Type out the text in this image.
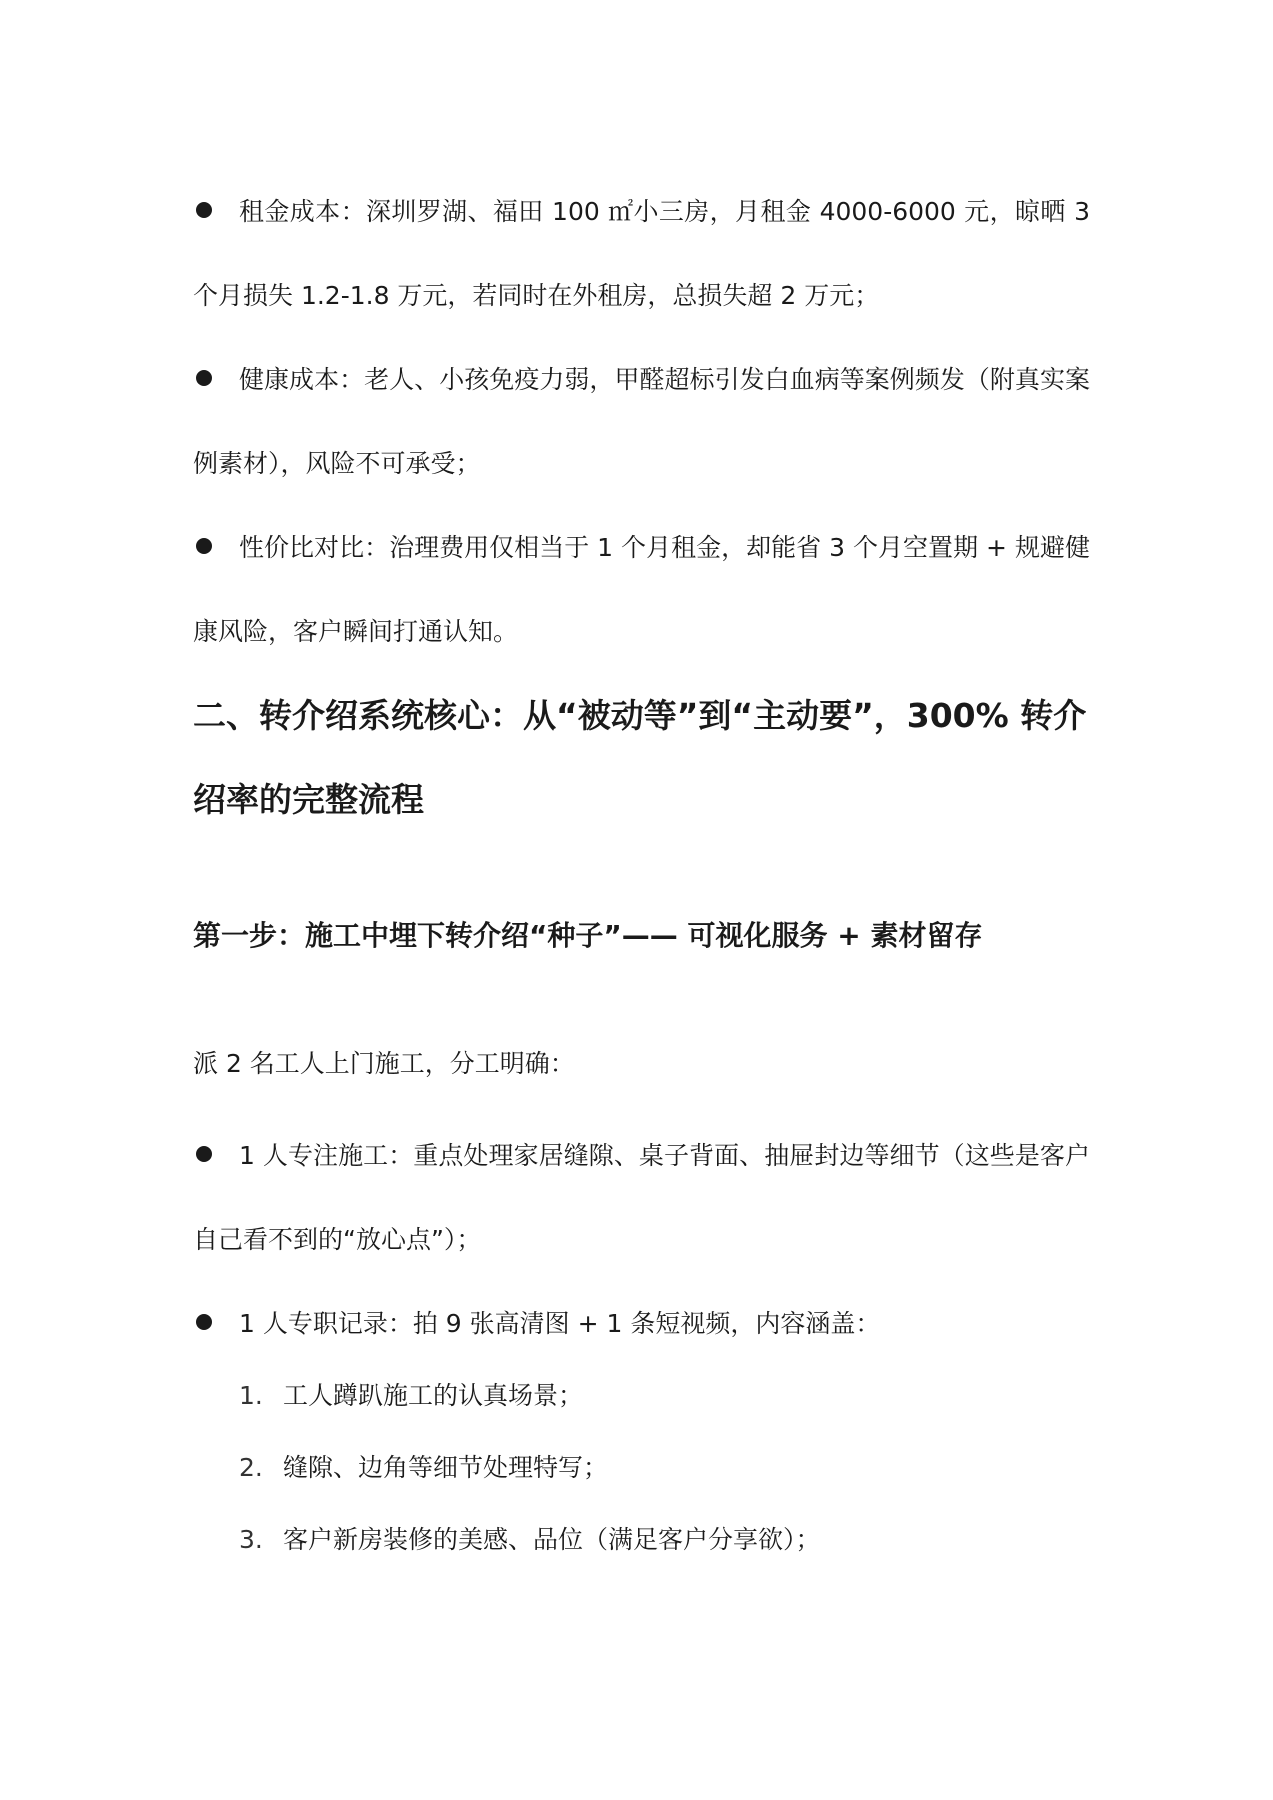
租金成本：深圳罗湖、福田 100 ㎡小三房，月租金 4000-6000 元，晾晒 3 个月损失 1.2-1.8 万元，若同时在外租房，总损失超 2 万元；
健康成本：老人、小孩免疫力弱，甲醛超标引发白血病等案例频发（附真实案例素材），风险不可承受；
性价比对比：治理费用仅相当于 1 个月租金，却能省 3 个月空置期 + 规避健康风险，客户瞬间打通认知。
二、转介绍系统核心：从“被动等”到“主动要”，300% 转介绍率的完整流程
第一步：施工中埋下转介绍“种子”—— 可视化服务 + 素材留存
派 2 名工人上门施工，分工明确：
1 人专注施工：重点处理家居缝隙、桌子背面、抽屉封边等细节（这些是客户自己看不到的“放心点”）；
1 人专职记录：拍 9 张高清图 + 1 条短视频，内容涵盖：
1. 工人蹲趴施工的认真场景；
2. 缝隙、边角等细节处理特写；
3. 客户新房装修的美感、品位（满足客户分享欲）；
